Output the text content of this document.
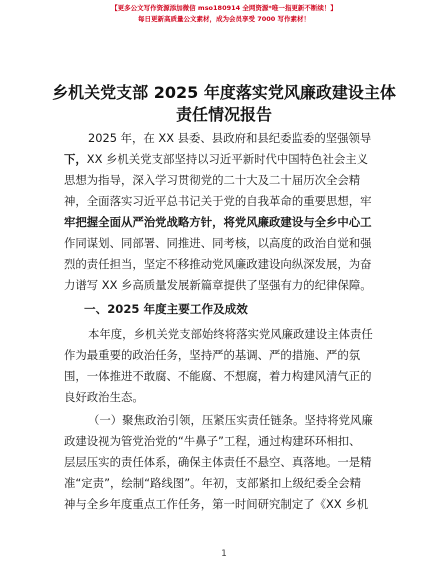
【更多公文写作资源添加微信 mso180914 全网资源*唯一指更新不断续！】
每日更新高质量公文素材，成为会员享受 7000 写作素材！
乡机关党支部 2025 年度落实党风廉政建设主体
责任情况报告
2025 年，在 XX 县委、县政府和县纪委监委的坚强领导
下，XX 乡机关党支部坚持以习近平新时代中国特色社会主义
思想为指导，深入学习贯彻党的二十大及二十届历次全会精
神，全面落实习近平总书记关于党的自我革命的重要思想，牢
牢把握全面从严治党战略方针，将党风廉政建设与全乡中心工
作同谋划、同部署、同推进、同考核，以高度的政治自觉和强
烈的责任担当，坚定不移推动党风廉政建设向纵深发展，为奋
力谱写 XX 乡高质量发展新篇章提供了坚强有力的纪律保障。
一、2025 年度主要工作及成效
本年度，乡机关党支部始终将落实党风廉政建设主体责任
作为最重要的政治任务，坚持严的基调、严的措施、严的氛
围，一体推进不敢腐、不能腐、不想腐，着力构建风清气正的
良好政治生态。
（一）聚焦政治引领，压紧压实责任链条。坚持将党风廉
政建设视为管党治党的“牛鼻子”工程，通过构建环环相扣、
层层压实的责任体系，确保主体责任不悬空、真落地。一是精
准“定责”，绘制“路线图”。年初，支部紧扣上级纪委全会精
神与全乡年度重点工作任务，第一时间研究制定了《XX 乡机
1
